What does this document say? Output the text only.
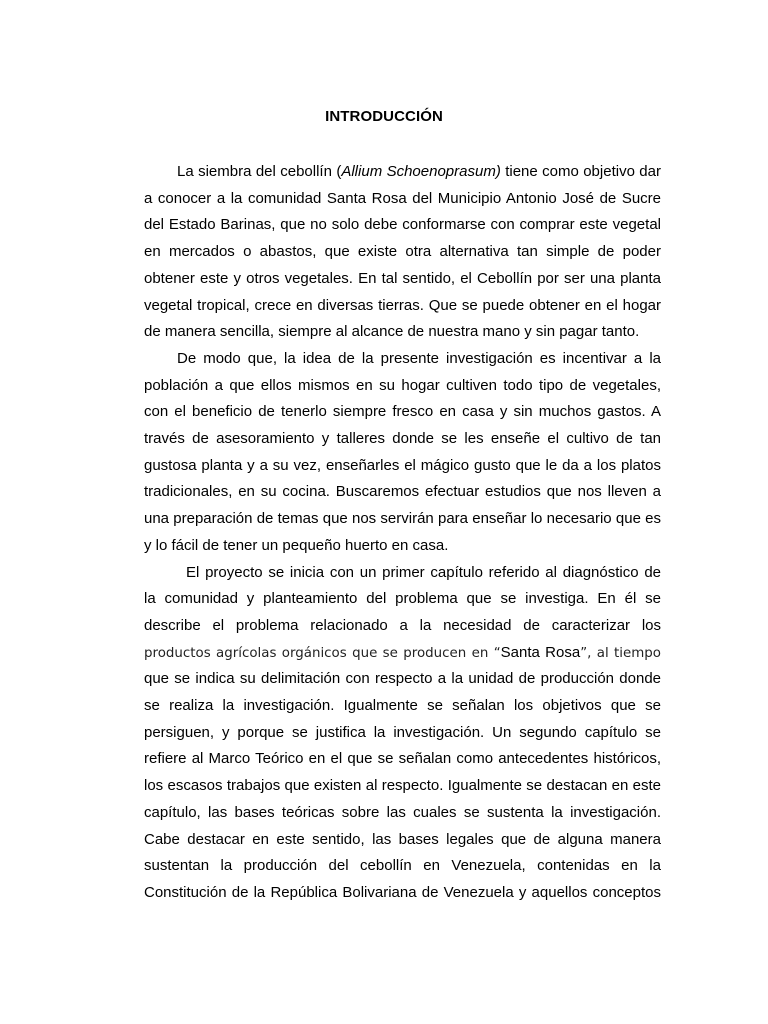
INTRODUCCIÓN
La siembra del cebollín (Allium Schoenoprasum) tiene como objetivo dar
a conocer a la comunidad Santa Rosa del Municipio Antonio José de Sucre
del Estado Barinas, que no solo debe conformarse con comprar este vegetal
en mercados o abastos, que existe otra alternativa tan simple de poder
obtener este y otros vegetales. En tal sentido, el Cebollín por ser una planta
vegetal tropical, crece en diversas tierras. Que se puede obtener en el hogar
de manera sencilla, siempre al alcance de nuestra mano y sin pagar tanto.
De modo que, la idea de la presente investigación es incentivar a la
población a que ellos mismos en su hogar cultiven todo tipo de vegetales,
con el beneficio de tenerlo siempre fresco en casa y sin muchos gastos. A
través de asesoramiento y talleres donde se les enseñe el cultivo de tan
gustosa planta y a su vez, enseñarles el mágico gusto que le da a los platos
tradicionales, en su cocina. Buscaremos efectuar estudios que nos lleven a
una preparación de temas que nos servirán para enseñar lo necesario que es
y lo fácil de tener un pequeño huerto en casa.
El proyecto se inicia con un primer capítulo referido al diagnóstico de
la comunidad y planteamiento del problema que se investiga. En él se
describe el problema relacionado a la necesidad de caracterizar los
productos agrícolas orgánicos que se producen en “Santa Rosa”, al tiempo
que se indica su delimitación con respecto a la unidad de producción donde
se realiza la investigación. Igualmente se señalan los objetivos que se
persiguen, y porque se justifica la investigación. Un segundo capítulo se
refiere al Marco Teórico en el que se señalan como antecedentes históricos,
los escasos trabajos que existen al respecto. Igualmente se destacan en este
capítulo, las bases teóricas sobre las cuales se sustenta la investigación.
Cabe destacar en este sentido, las bases legales que de alguna manera
sustentan la producción del cebollín en Venezuela, contenidas en la
Constitución de la República Bolivariana de Venezuela y aquellos conceptos
